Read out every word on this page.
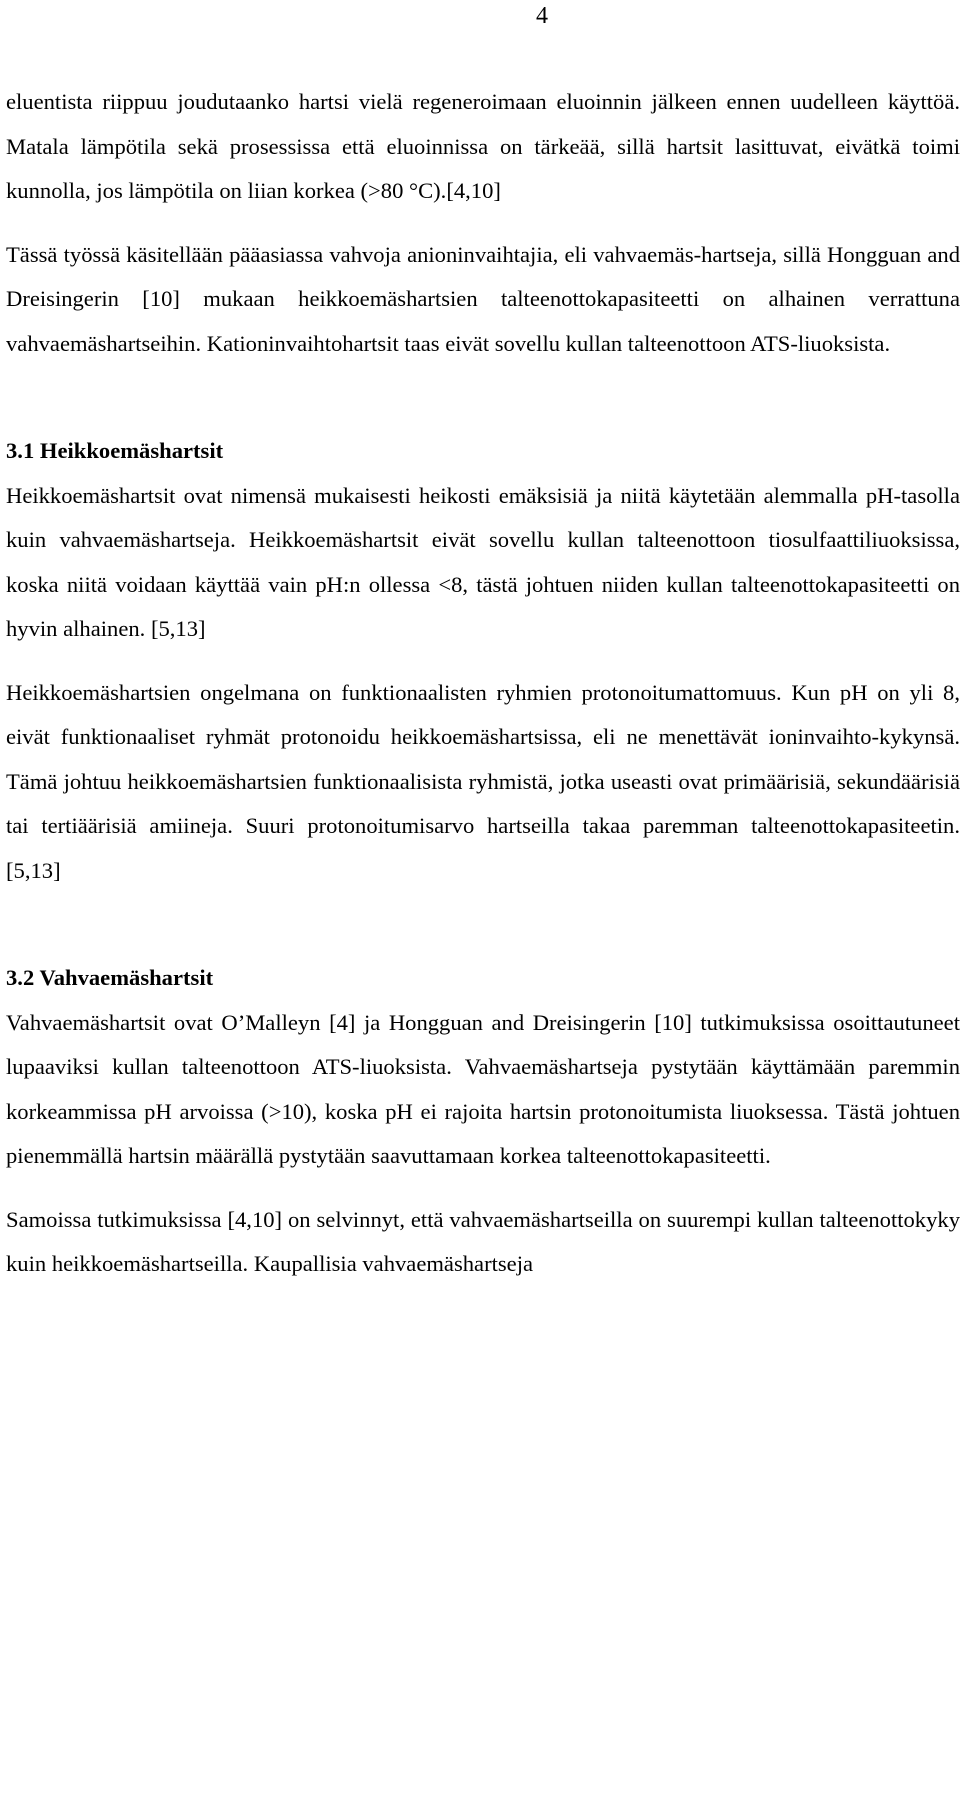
4

eluentista riippuu joudutaanko hartsi vielä regeneroimaan eluoinnin jälkeen ennen uudelleen käyttöä. Matala lämpötila sekä prosessissa että eluoinnissa on tärkeää, sillä hartsit lasittuvat, eivätkä toimi kunnolla, jos lämpötila on liian korkea (>80 °C).[4,10]

Tässä työssä käsitellään pääasiassa vahvoja anioninvaihtajia, eli vahvaemäs-hartseja, sillä Hongguan and Dreisingerin [10] mukaan heikkoemäshartsien talteenottokapasiteetti on alhainen verrattuna vahvaemäshartseihin. Kationinvaihtohartsit taas eivät sovellu kullan talteenottoon ATS-liuoksista.

3.1 Heikkoemäshartsit

Heikkoemäshartsit ovat nimensä mukaisesti heikosti emäksisiä ja niitä käytetään alemmalla pH-tasolla kuin vahvaemäshartseja. Heikkoemäshartsit eivät sovellu kullan talteenottoon tiosulfaattiliuoksissa, koska niitä voidaan käyttää vain pH:n ollessa <8, tästä johtuen niiden kullan talteenottokapasiteetti on hyvin alhainen. [5,13]

Heikkoemäshartsien ongelmana on funktionaalisten ryhmien protonoitumattomuus. Kun pH on yli 8, eivät funktionaaliset ryhmät protonoidu heikkoemäshartsissa, eli ne menettävät ioninvaihto-kykynsä. Tämä johtuu heikkoemäshartsien funktionaalisista ryhmistä, jotka useasti ovat primäärisiä, sekundäärisiä tai tertiäärisiä amiineja. Suuri protonoitumisarvo hartseilla takaa paremman talteenottokapasiteetin. [5,13]

3.2 Vahvaemäshartsit

Vahvaemäshartsit ovat O’Malleyn [4] ja Hongguan and Dreisingerin [10] tutkimuksissa osoittautuneet lupaaviksi kullan talteenottoon ATS-liuoksista. Vahvaemäshartseja pystytään käyttämään paremmin korkeammissa pH arvoissa (>10), koska pH ei rajoita hartsin protonoitumista liuoksessa. Tästä johtuen pienemmällä hartsin määrällä pystytään saavuttamaan korkea talteenottokapasiteetti.

Samoissa tutkimuksissa [4,10] on selvinnyt, että vahvaemäshartseilla on suurempi kullan talteenottokyky kuin heikkoemäshartseilla. Kaupallisia vahvaemäshartseja
